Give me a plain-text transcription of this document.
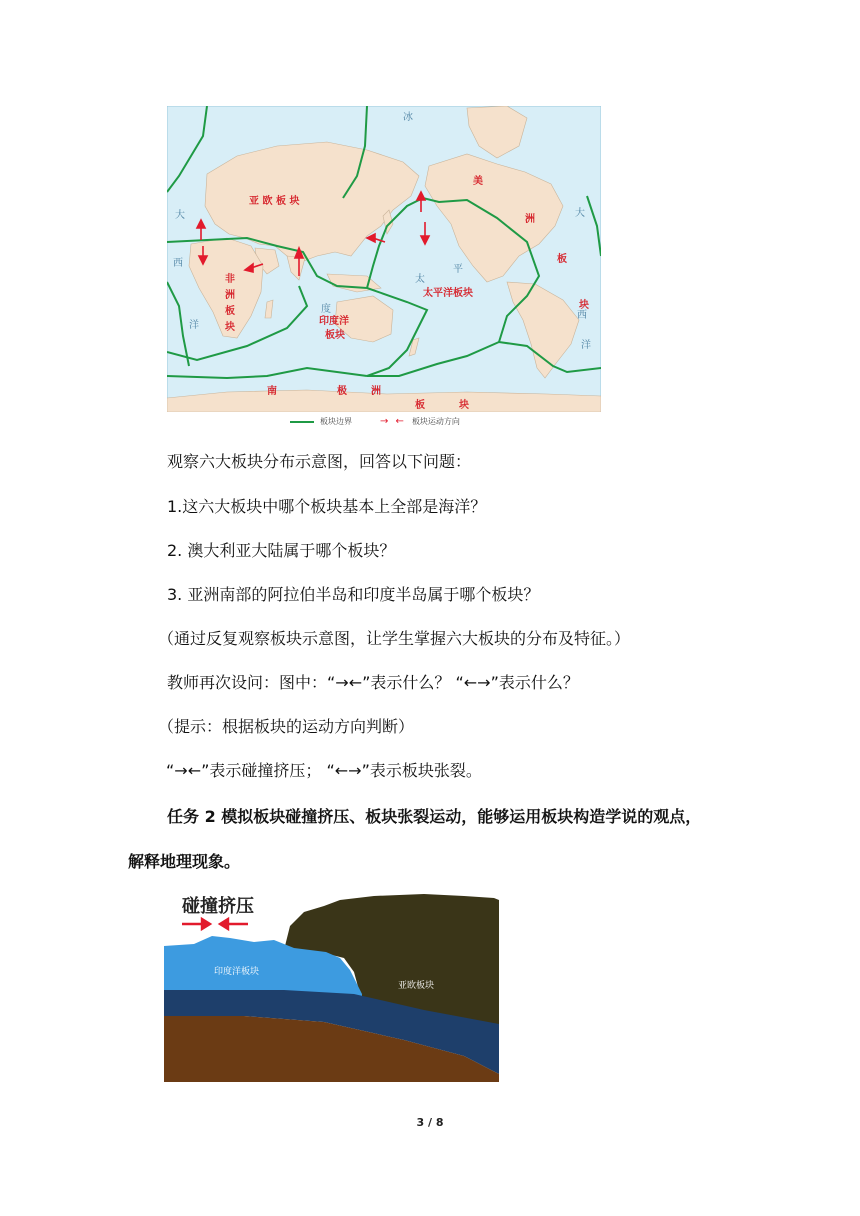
亚 欧 板 块
非
洲
板
块
印度洋
板块
太平洋板块
美
洲
板
块
南	极 洲
板	块
冰
大
西
洋
度
太
平
大
西
洋
板块边界	→ ← 板块运动方向
观察六大板块分布示意图，回答以下问题：
1.这六大板块中哪个板块基本上全部是海洋？
2. 澳大利亚大陆属于哪个板块？
3. 亚洲南部的阿拉伯半岛和印度半岛属于哪个板块？
（通过反复观察板块示意图，让学生掌握六大板块的分布及特征。）
教师再次设问：图中：“→←”表示什么？ “←→”表示什么？
（提示：根据板块的运动方向判断）
“→←”表示碰撞挤压； “←→”表示板块张裂。
任务 2 模拟板块碰撞挤压、板块张裂运动，能够运用板块构造学说的观点，
解释地理现象。
碰撞挤压
印度洋板块
亚欧板块
3 / 8
